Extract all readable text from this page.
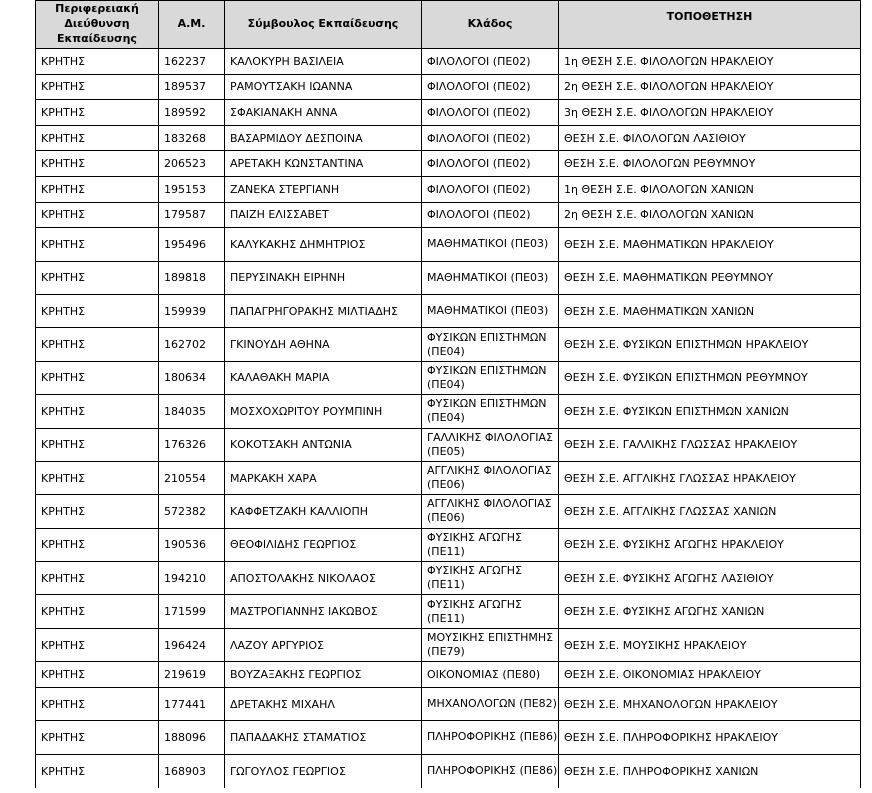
Περιφερειακή Διεύθυνση Εκπαίδευσης	Α.Μ.	Σύμβουλος Εκπαίδευσης	Κλάδος	ΤΟΠΟΘΕΤΗΣΗ
ΚΡΗΤΗΣ	162237	ΚΑΛΟΚΥΡΗ ΒΑΣΙΛΕΙΑ	ΦΙΛΟΛΟΓΟΙ (ΠΕ02)	1η ΘΕΣΗ Σ.Ε. ΦΙΛΟΛΟΓΩΝ ΗΡΑΚΛΕΙΟΥ
ΚΡΗΤΗΣ	189537	ΡΑΜΟΥΤΣΑΚΗ ΙΩΑΝΝΑ	ΦΙΛΟΛΟΓΟΙ (ΠΕ02)	2η ΘΕΣΗ Σ.Ε. ΦΙΛΟΛΟΓΩΝ ΗΡΑΚΛΕΙΟΥ
ΚΡΗΤΗΣ	189592	ΣΦΑΚΙΑΝΑΚΗ ΑΝΝΑ	ΦΙΛΟΛΟΓΟΙ (ΠΕ02)	3η ΘΕΣΗ Σ.Ε. ΦΙΛΟΛΟΓΩΝ ΗΡΑΚΛΕΙΟΥ
ΚΡΗΤΗΣ	183268	ΒΑΣΑΡΜΙΔΟΥ ΔΕΣΠΟΙΝΑ	ΦΙΛΟΛΟΓΟΙ (ΠΕ02)	ΘΕΣΗ Σ.Ε. ΦΙΛΟΛΟΓΩΝ ΛΑΣΙΘΙΟΥ
ΚΡΗΤΗΣ	206523	ΑΡΕΤΑΚΗ ΚΩΝΣΤΑΝΤΙΝΑ	ΦΙΛΟΛΟΓΟΙ (ΠΕ02)	ΘΕΣΗ Σ.Ε. ΦΙΛΟΛΟΓΩΝ ΡΕΘΥΜΝΟΥ
ΚΡΗΤΗΣ	195153	ΖΑΝΕΚΑ ΣΤΕΡΓΙΑΝΗ	ΦΙΛΟΛΟΓΟΙ (ΠΕ02)	1η ΘΕΣΗ Σ.Ε. ΦΙΛΟΛΟΓΩΝ ΧΑΝΙΩΝ
ΚΡΗΤΗΣ	179587	ΠΑΙΖΗ ΕΛΙΣΣΑΒΕΤ	ΦΙΛΟΛΟΓΟΙ (ΠΕ02)	2η ΘΕΣΗ Σ.Ε. ΦΙΛΟΛΟΓΩΝ ΧΑΝΙΩΝ
ΚΡΗΤΗΣ	195496	ΚΑΛΥΚΑΚΗΣ ΔΗΜΗΤΡΙΟΣ	ΜΑΘΗΜΑΤΙΚΟΙ (ΠΕ03)	ΘΕΣΗ Σ.Ε. ΜΑΘΗΜΑΤΙΚΩΝ ΗΡΑΚΛΕΙΟΥ
ΚΡΗΤΗΣ	189818	ΠΕΡΥΣΙΝΑΚΗ ΕΙΡΗΝΗ	ΜΑΘΗΜΑΤΙΚΟΙ (ΠΕ03)	ΘΕΣΗ Σ.Ε. ΜΑΘΗΜΑΤΙΚΩΝ ΡΕΘΥΜΝΟΥ
ΚΡΗΤΗΣ	159939	ΠΑΠΑΓΡΗΓΟΡΑΚΗΣ ΜΙΛΤΙΑΔΗΣ	ΜΑΘΗΜΑΤΙΚΟΙ (ΠΕ03)	ΘΕΣΗ Σ.Ε. ΜΑΘΗΜΑΤΙΚΩΝ ΧΑΝΙΩΝ
ΚΡΗΤΗΣ	162702	ΓΚΙΝΟΥΔΗ ΑΘΗΝΑ	ΦΥΣΙΚΩΝ ΕΠΙΣΤΗΜΩΝ (ΠΕ04)	ΘΕΣΗ Σ.Ε. ΦΥΣΙΚΩΝ ΕΠΙΣΤΗΜΩΝ ΗΡΑΚΛΕΙΟΥ
ΚΡΗΤΗΣ	180634	ΚΑΛΑΘΑΚΗ ΜΑΡΙΑ	ΦΥΣΙΚΩΝ ΕΠΙΣΤΗΜΩΝ (ΠΕ04)	ΘΕΣΗ Σ.Ε. ΦΥΣΙΚΩΝ ΕΠΙΣΤΗΜΩΝ ΡΕΘΥΜΝΟΥ
ΚΡΗΤΗΣ	184035	ΜΟΣΧΟΧΩΡΙΤΟΥ ΡΟΥΜΠΙΝΗ	ΦΥΣΙΚΩΝ ΕΠΙΣΤΗΜΩΝ (ΠΕ04)	ΘΕΣΗ Σ.Ε. ΦΥΣΙΚΩΝ ΕΠΙΣΤΗΜΩΝ ΧΑΝΙΩΝ
ΚΡΗΤΗΣ	176326	ΚΟΚΟΤΣΑΚΗ ΑΝΤΩΝΙΑ	ΓΑΛΛΙΚΗΣ ΦΙΛΟΛΟΓΙΑΣ (ΠΕ05)	ΘΕΣΗ Σ.Ε. ΓΑΛΛΙΚΗΣ ΓΛΩΣΣΑΣ ΗΡΑΚΛΕΙΟΥ
ΚΡΗΤΗΣ	210554	ΜΑΡΚΑΚΗ ΧΑΡΑ	ΑΓΓΛΙΚΗΣ ΦΙΛΟΛΟΓΙΑΣ (ΠΕ06)	ΘΕΣΗ Σ.Ε. ΑΓΓΛΙΚΗΣ ΓΛΩΣΣΑΣ ΗΡΑΚΛΕΙΟΥ
ΚΡΗΤΗΣ	572382	ΚΑΦΦΕΤΖΑΚΗ ΚΑΛΛΙΟΠΗ	ΑΓΓΛΙΚΗΣ ΦΙΛΟΛΟΓΙΑΣ (ΠΕ06)	ΘΕΣΗ Σ.Ε. ΑΓΓΛΙΚΗΣ ΓΛΩΣΣΑΣ ΧΑΝΙΩΝ
ΚΡΗΤΗΣ	190536	ΘΕΟΦΙΛΙΔΗΣ ΓΕΩΡΓΙΟΣ	ΦΥΣΙΚΗΣ ΑΓΩΓΗΣ (ΠΕ11)	ΘΕΣΗ Σ.Ε. ΦΥΣΙΚΗΣ ΑΓΩΓΗΣ ΗΡΑΚΛΕΙΟΥ
ΚΡΗΤΗΣ	194210	ΑΠΟΣΤΟΛΑΚΗΣ ΝΙΚΟΛΑΟΣ	ΦΥΣΙΚΗΣ ΑΓΩΓΗΣ (ΠΕ11)	ΘΕΣΗ Σ.Ε. ΦΥΣΙΚΗΣ ΑΓΩΓΗΣ ΛΑΣΙΘΙΟΥ
ΚΡΗΤΗΣ	171599	ΜΑΣΤΡΟΓΙΑΝΝΗΣ ΙΑΚΩΒΟΣ	ΦΥΣΙΚΗΣ ΑΓΩΓΗΣ (ΠΕ11)	ΘΕΣΗ Σ.Ε. ΦΥΣΙΚΗΣ ΑΓΩΓΗΣ ΧΑΝΙΩΝ
ΚΡΗΤΗΣ	196424	ΛΑΖΟΥ ΑΡΓΥΡΙΟΣ	ΜΟΥΣΙΚΗΣ ΕΠΙΣΤΗΜΗΣ (ΠΕ79)	ΘΕΣΗ Σ.Ε. ΜΟΥΣΙΚΗΣ ΗΡΑΚΛΕΙΟΥ
ΚΡΗΤΗΣ	219619	ΒΟΥΖΑΞΑΚΗΣ ΓΕΩΡΓΙΟΣ	ΟΙΚΟΝΟΜΙΑΣ (ΠΕ80)	ΘΕΣΗ Σ.Ε. ΟΙΚΟΝΟΜΙΑΣ ΗΡΑΚΛΕΙΟΥ
ΚΡΗΤΗΣ	177441	ΔΡΕΤΑΚΗΣ ΜΙΧΑΗΛ	ΜΗΧΑΝΟΛΟΓΩΝ (ΠΕ82)	ΘΕΣΗ Σ.Ε. ΜΗΧΑΝΟΛΟΓΩΝ ΗΡΑΚΛΕΙΟΥ
ΚΡΗΤΗΣ	188096	ΠΑΠΑΔΑΚΗΣ ΣΤΑΜΑΤΙΟΣ	ΠΛΗΡΟΦΟΡΙΚΗΣ (ΠΕ86)	ΘΕΣΗ Σ.Ε. ΠΛΗΡΟΦΟΡΙΚΗΣ ΗΡΑΚΛΕΙΟΥ
ΚΡΗΤΗΣ	168903	ΓΩΓΟΥΛΟΣ ΓΕΩΡΓΙΟΣ	ΠΛΗΡΟΦΟΡΙΚΗΣ (ΠΕ86)	ΘΕΣΗ Σ.Ε. ΠΛΗΡΟΦΟΡΙΚΗΣ ΧΑΝΙΩΝ
